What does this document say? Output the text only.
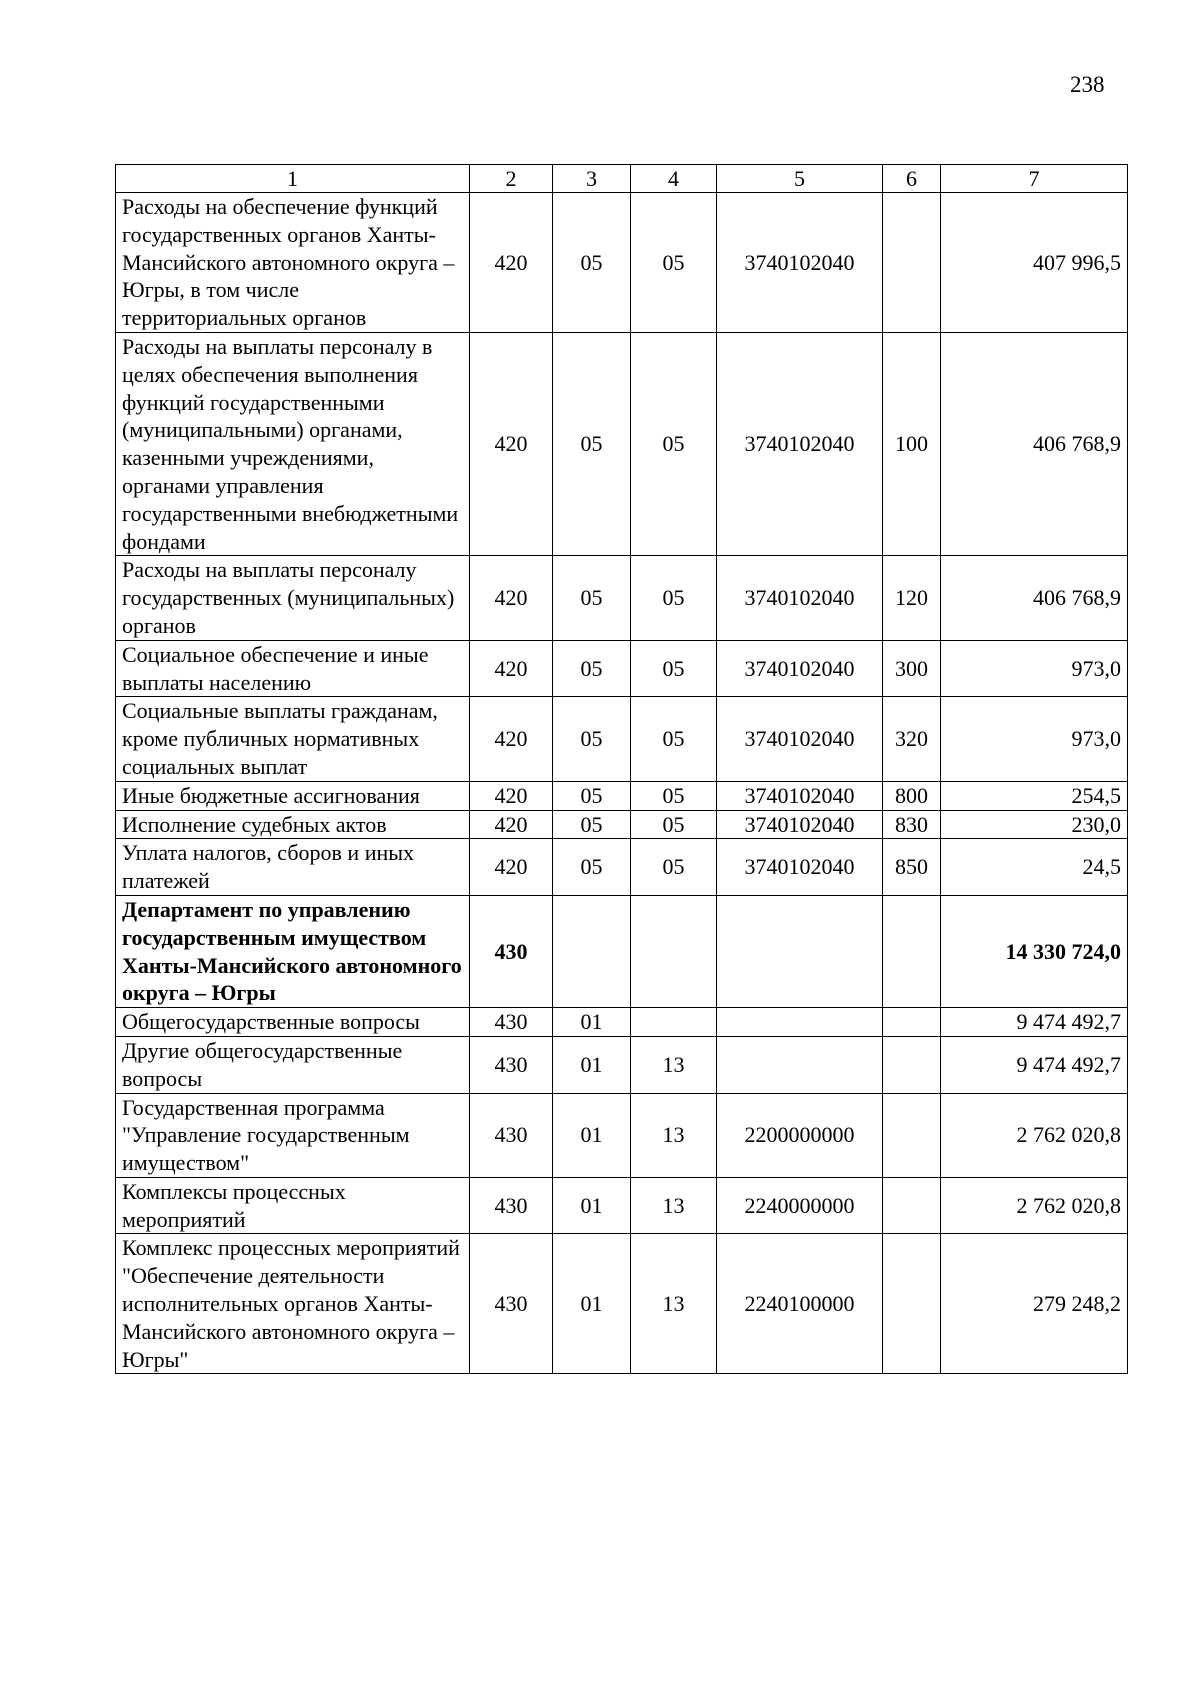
238
1	2	3	4	5	6	7
Расходы на обеспечение функций государственных органов Ханты-Мансийского автономного округа – Югры, в том числе территориальных органов	420	05	05	3740102040		407 996,5
Расходы на выплаты персоналу в целях обеспечения выполнения функций государственными (муниципальными) органами, казенными учреждениями, органами управления государственными внебюджетными фондами	420	05	05	3740102040	100	406 768,9
Расходы на выплаты персоналу государственных (муниципальных) органов	420	05	05	3740102040	120	406 768,9
Социальное обеспечение и иные выплаты населению	420	05	05	3740102040	300	973,0
Социальные выплаты гражданам, кроме публичных нормативных социальных выплат	420	05	05	3740102040	320	973,0
Иные бюджетные ассигнования	420	05	05	3740102040	800	254,5
Исполнение судебных актов	420	05	05	3740102040	830	230,0
Уплата налогов, сборов и иных платежей	420	05	05	3740102040	850	24,5
Департамент по управлению государственным имуществом Ханты-Мансийского автономного округа – Югры	430					14 330 724,0
Общегосударственные вопросы	430	01				9 474 492,7
Другие общегосударственные вопросы	430	01	13			9 474 492,7
Государственная программа "Управление государственным имуществом"	430	01	13	2200000000		2 762 020,8
Комплексы процессных мероприятий	430	01	13	2240000000		2 762 020,8
Комплекс процессных мероприятий "Обеспечение деятельности исполнительных органов Ханты-Мансийского автономного округа – Югры"	430	01	13	2240100000		279 248,2
